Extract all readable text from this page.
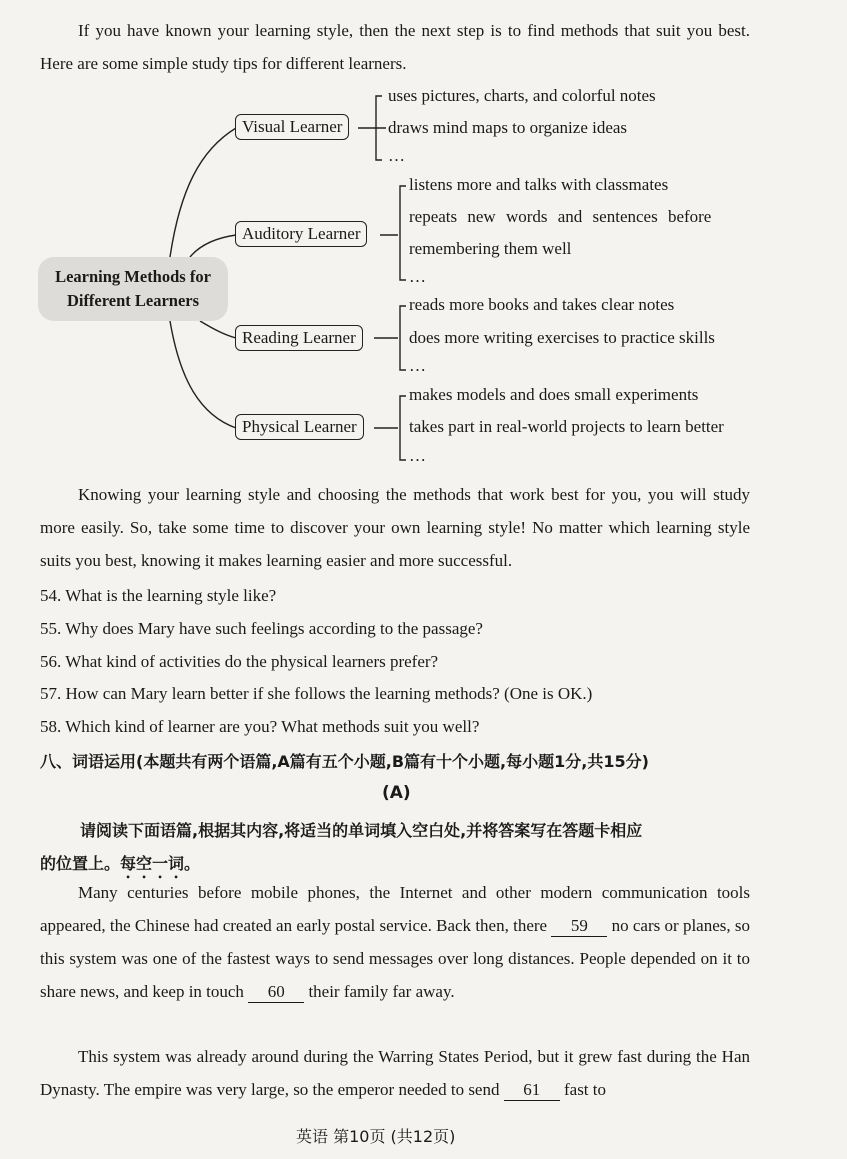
If you have known your learning style, then the next step is to find methods that suit you best. Here are some simple study tips for different learners.
Learning Methods for
Different Learners
Visual Learner
uses pictures, charts, and colorful notes
draws mind maps to organize ideas
…
Auditory Learner
listens more and talks with classmates
repeats new words and sentences before
remembering them well
…
Reading Learner
reads more books and takes clear notes
does more writing exercises to practice skills
…
Physical Learner
makes models and does small experiments
takes part in real-world projects to learn better
…
Knowing your learning style and choosing the methods that work best for you, you will study more easily. So, take some time to discover your own learning style! No matter which learning style suits you best, knowing it makes learning easier and more successful.
54. What is the learning style like?
55. Why does Mary have such feelings according to the passage?
56. What kind of activities do the physical learners prefer?
57. How can Mary learn better if she follows the learning methods? (One is OK.)
58. Which kind of learner are you? What methods suit you well?
八、词语运用(本题共有两个语篇,A篇有五个小题,B篇有十个小题,每小题1分,共15分)
(A)
请阅读下面语篇,根据其内容,将适当的单词填入空白处,并将答案写在答题卡相应
的位置上。每空一词。
Many centuries before mobile phones, the Internet and other modern communication tools appeared, the Chinese had created an early postal service. Back then, there 59 no cars or planes, so this system was one of the fastest ways to send messages over long distances. People depended on it to share news, and keep in touch 60 their family far away.
This system was already around during the Warring States Period, but it grew fast during the Han Dynasty. The empire was very large, so the emperor needed to send 61 fast to
英语 第10页 (共12页)
